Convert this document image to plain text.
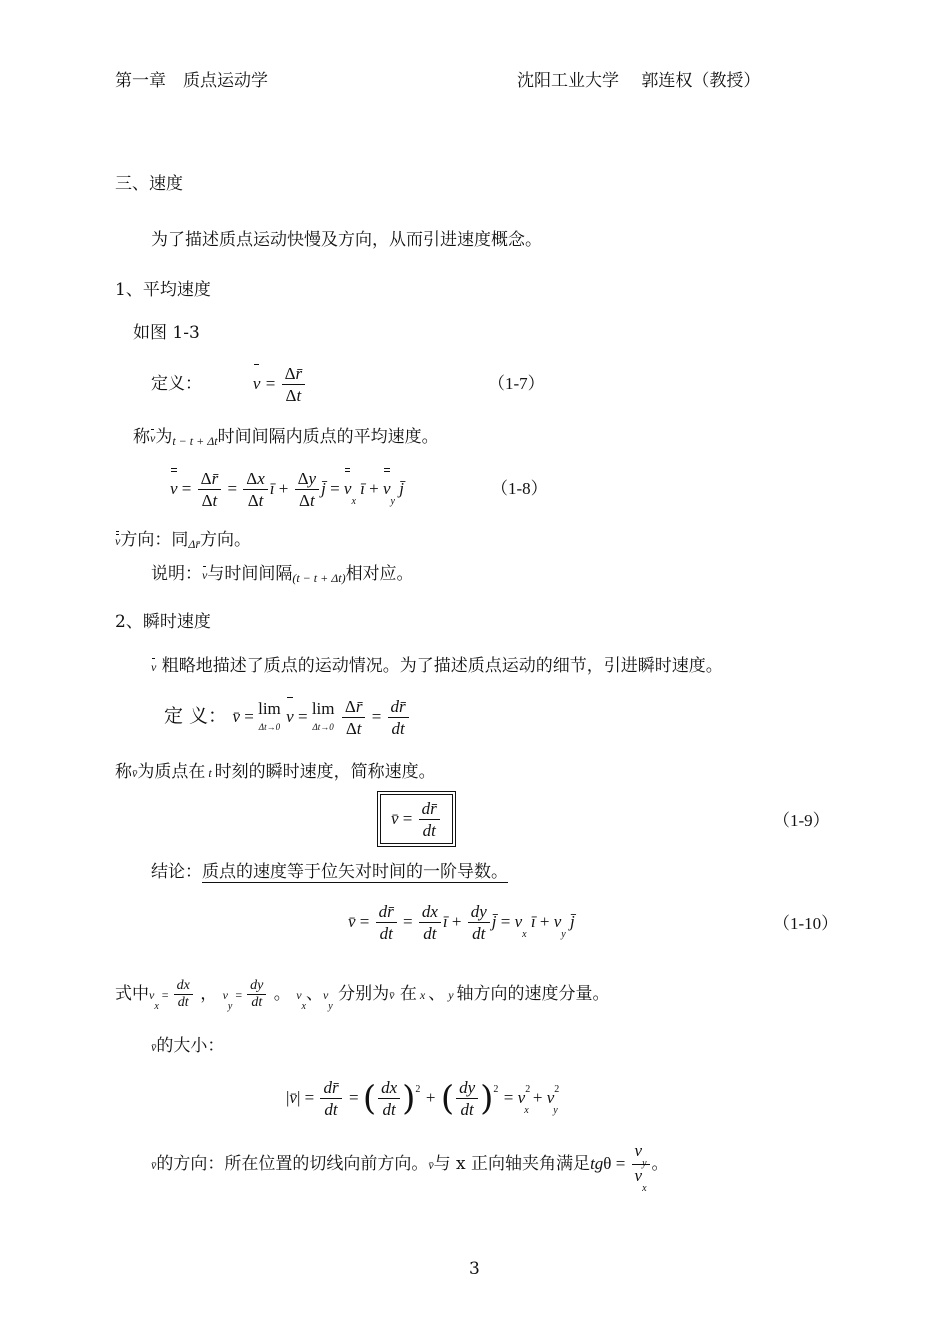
第一章　质点运动学	沈阳工业大学　 郭连权（教授）
三、速度
为了描述质点运动快慢及方向，从而引进速度概念。
1、平均速度
如图 1-3
定义：	$v = \frac{\Delta r̄}{\Delta t}$	（1-7）
称v为t − t + Δt时间间隔内质点的平均速度。
$v = \frac{\Delta r̄}{\Delta t} = \frac{\Delta x}{\Delta t}$ ī + $\frac{\Delta y}{\Delta t}$ j̄ = $v_x$ ī + $v_y$ j̄	（1-8）
v方向：同Δr̄方向。
说明：v与时间间隔(t − t + Δt)相对应。
2、瞬时速度
v 粗略地描述了质点的运动情况。为了描述质点运动的细节，引进瞬时速度。
定 义： v̄ = lim
Δt→0
v = lim
Δt→0
$\frac{\Delta r̄}{\Delta t} = \frac{dr̄}{dt}$
称v̄为质点在 t 时刻的瞬时速度，简称速度。
v̄ = $\frac{dr̄}{dt}$	（1-9）
结论：质点的速度等于位矢对时间的一阶导数。
v̄ = $\frac{dr̄}{dt} = \frac{dx}{dt}$ ī + $\frac{dy}{dt}$ j̄ = $v_x$ ī + $v_y$ j̄	（1-10）
式中$v_x = \frac{dx}{dt}$ ， $v_y = \frac{dy}{dt}$ 。 $v_x$、$v_y$ 分别为v̄ 在 x 、 y 轴方向的速度分量。
v̄的大小：
|v̄| = $\frac{dr̄}{dt}$ = ( $\frac{dx}{dt} )^2$ + ( $\frac{dy}{dt} )^2 = v^2_x + v^2_y$
v̄的方向：所在位置的切线向前方向。v̄与 x 正向轴夹角满足$tg\theta = \frac{v_y}{v_x}$ 。
3
